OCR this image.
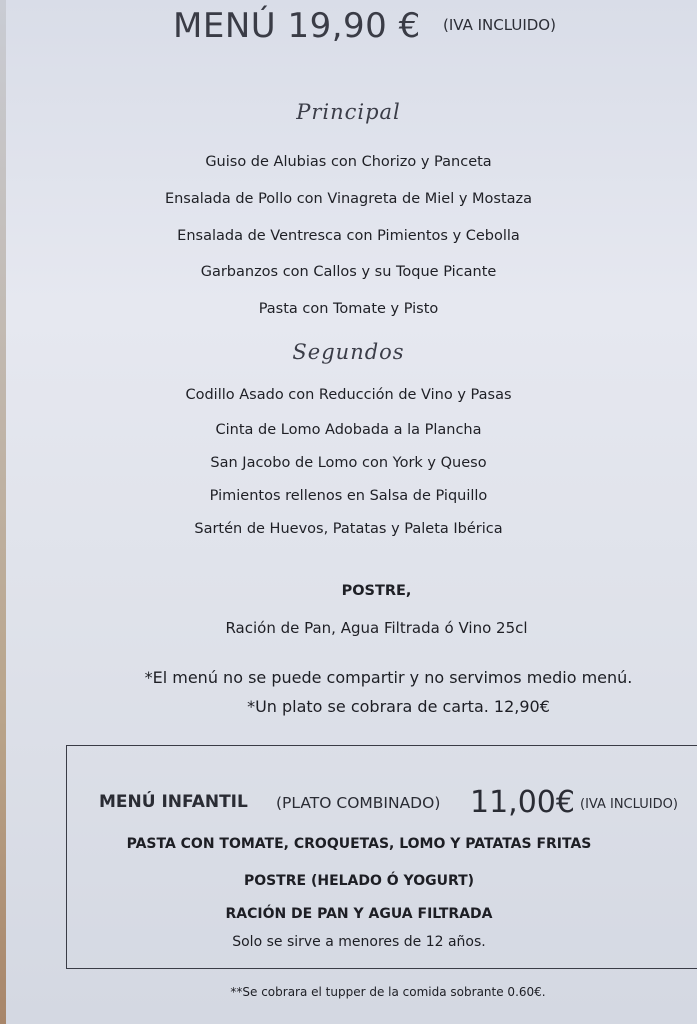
MENÚ 19,90 € (IVA INCLUIDO)
Principal
Guiso de Alubias con Chorizo y Panceta
Ensalada de Pollo con Vinagreta de Miel y Mostaza
Ensalada de Ventresca con Pimientos y Cebolla
Garbanzos con Callos y su Toque Picante
Pasta con Tomate y Pisto
Segundos
Codillo Asado con Reducción de Vino y Pasas
Cinta de Lomo Adobada a la Plancha
San Jacobo de Lomo con York y Queso
Pimientos rellenos en Salsa de Piquillo
Sartén de Huevos, Patatas y Paleta Ibérica
POSTRE,
Ración de Pan, Agua Filtrada ó Vino 25cl
*El menú no se puede compartir y no servimos medio menú.
*Un plato se cobrara de carta. 12,90€
MENÚ INFANTIL (PLATO COMBINADO) 11,00€ (IVA INCLUIDO)
PASTA CON TOMATE, CROQUETAS, LOMO Y PATATAS FRITAS
POSTRE (HELADO Ó YOGURT)
RACIÓN DE PAN Y AGUA FILTRADA
Solo se sirve a menores de 12 años.
**Se cobrara el tupper de la comida sobrante 0.60€.
